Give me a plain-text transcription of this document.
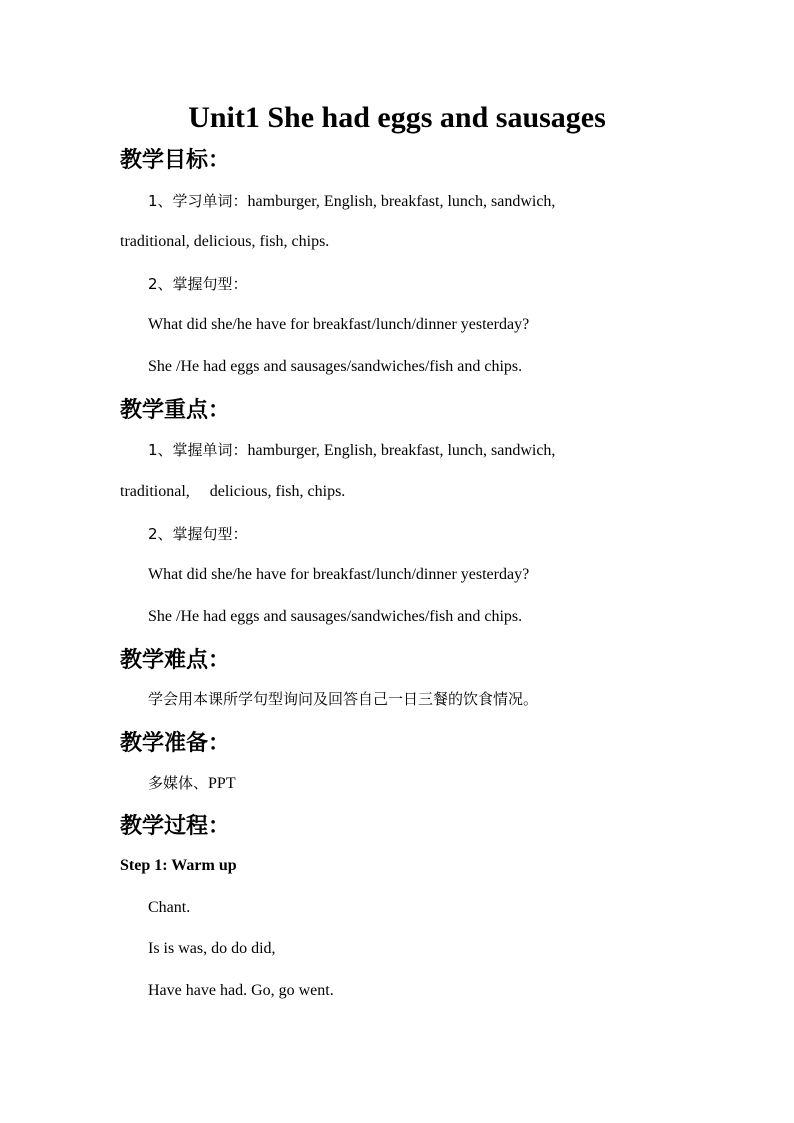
Unit1 She had eggs and sausages
教学目标：

1、学习单词：hamburger, English, breakfast, lunch, sandwich,

traditional, delicious, fish, chips.

2、掌握句型：

What did she/he have for breakfast/lunch/dinner yesterday?

She /He had eggs and sausages/sandwiches/fish and chips.

教学重点：

1、掌握单词：hamburger, English, breakfast, lunch, sandwich,

traditional,     delicious, fish, chips.

2、掌握句型：

What did she/he have for breakfast/lunch/dinner yesterday?

She /He had eggs and sausages/sandwiches/fish and chips.

教学难点：

学会用本课所学句型询问及回答自己一日三餐的饮食情况。

教学准备：

多媒体、PPT

教学过程：

Step 1: Warm up

Chant.

Is is was, do do did,

Have have had. Go, go went.
